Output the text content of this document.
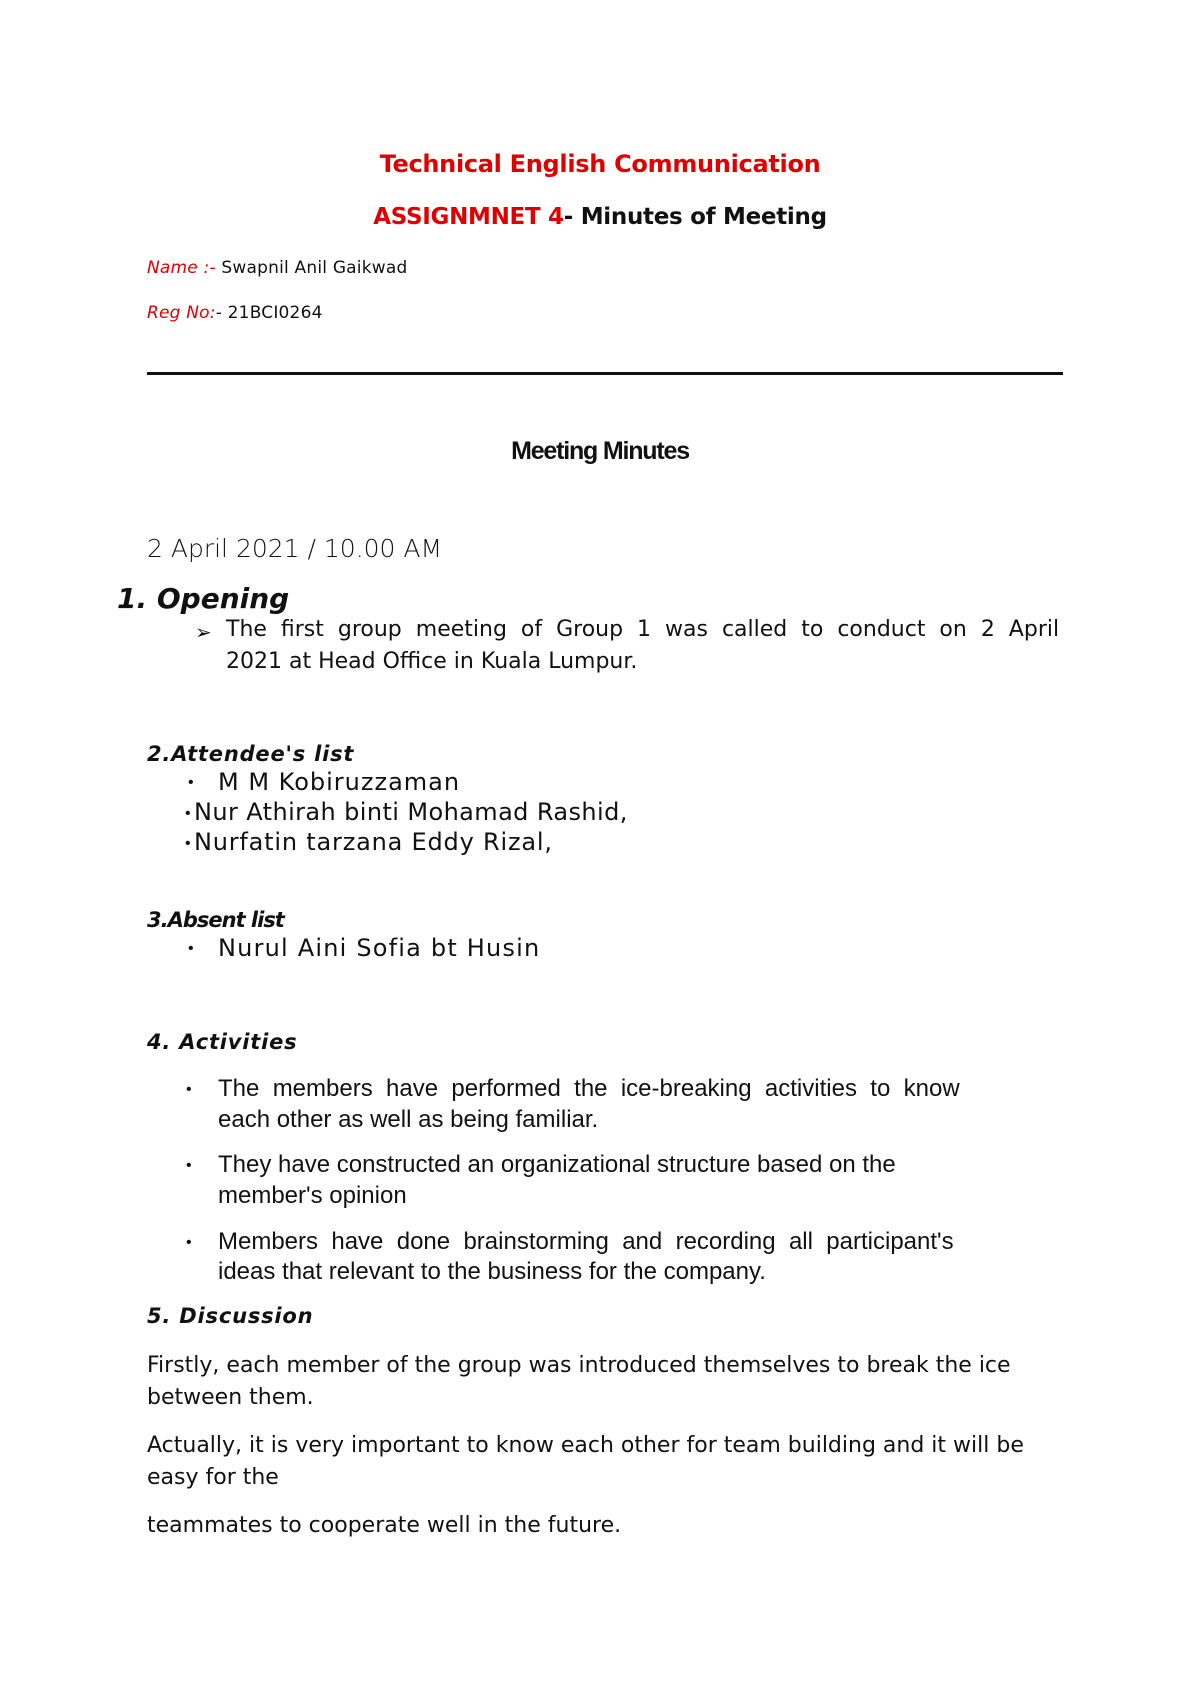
Technical English Communication
ASSIGNMNET 4- Minutes of Meeting
Name :- Swapnil Anil Gaikwad
Reg No:- 21BCI0264
Meeting Minutes
2 April 2021 / 10.00 AM
1. Opening
➢ The  first  group  meeting  of  Group  1  was  called  to  conduct  on  2  April
2021 at Head Office in Kuala Lumpur.
2.Attendee's list
• M M Kobiruzzaman
• Nur Athirah binti Mohamad Rashid,
• Nurfatin tarzana Eddy Rizal,
3.Absent list
• Nurul Aini Sofia bt Husin
4. Activities
• The  members  have  performed  the  ice-breaking  activities  to  know
each other as well as being familiar.
• They have constructed an organizational structure based on the
member's opinion
• Members  have  done  brainstorming  and  recording  all  participant's
ideas that relevant to the business for the company.
5. Discussion
Firstly, each member of the group was introduced themselves to break the ice
between them.
Actually, it is very important to know each other for team building and it will be
easy for the
teammates to cooperate well in the future.
